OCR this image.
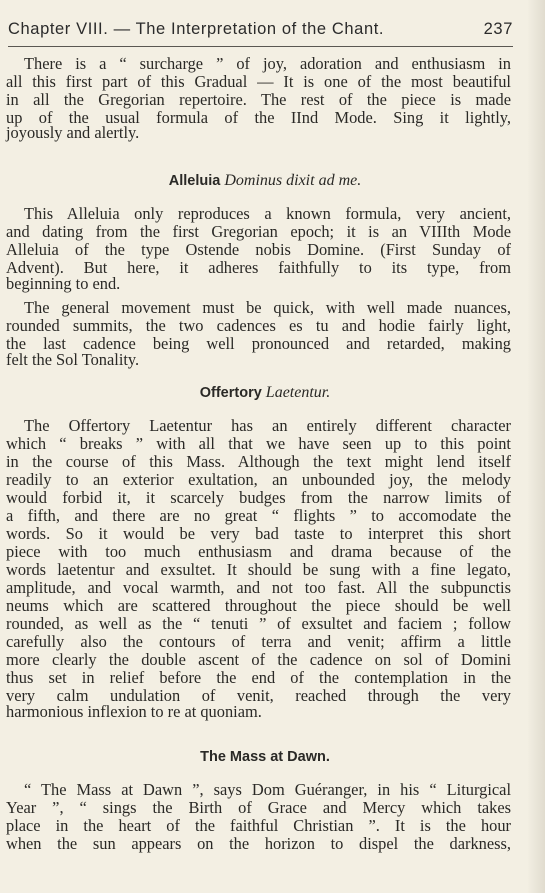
Chapter VIII. — The Interpretation of the Chant.	237
There is a “ surcharge ” of joy, adoration and enthusiasm in
all this first part of this Gradual — It is one of the most beautiful
in all the Gregorian repertoire. The rest of the piece is made
up of the usual formula of the IInd Mode. Sing it lightly,
joyously and alertly.
Alleluia Dominus dixit ad me.
This Alleluia only reproduces a known formula, very ancient,
and dating from the first Gregorian epoch; it is an VIIIth Mode
Alleluia of the type Ostende nobis Domine. (First Sunday of
Advent). But here, it adheres faithfully to its type, from
beginning to end.
The general movement must be quick, with well made nuances,
rounded summits, the two cadences es tu and hodie fairly light,
the last cadence being well pronounced and retarded, making
felt the Sol Tonality.
Offertory Laetentur.
The Offertory Laetentur has an entirely different character
which “ breaks ” with all that we have seen up to this point
in the course of this Mass. Although the text might lend itself
readily to an exterior exultation, an unbounded joy, the melody
would forbid it, it scarcely budges from the narrow limits of
a fifth, and there are no great “ flights ” to accomodate the
words. So it would be very bad taste to interpret this short
piece with too much enthusiasm and drama because of the
words laetentur and exsultet. It should be sung with a fine legato,
amplitude, and vocal warmth, and not too fast. All the subpunctis
neums which are scattered throughout the piece should be well
rounded, as well as the “ tenuti ” of exsultet and faciem ; follow
carefully also the contours of terra and venit; affirm a little
more clearly the double ascent of the cadence on sol of Domini
thus set in relief before the end of the contemplation in the
very calm undulation of venit, reached through the very
harmonious inflexion to re at quoniam.
The Mass at Dawn.
“ The Mass at Dawn ”, says Dom Guéranger, in his “ Liturgical
Year ”, “ sings the Birth of Grace and Mercy which takes
place in the heart of the faithful Christian ”. It is the hour
when the sun appears on the horizon to dispel the darkness,
